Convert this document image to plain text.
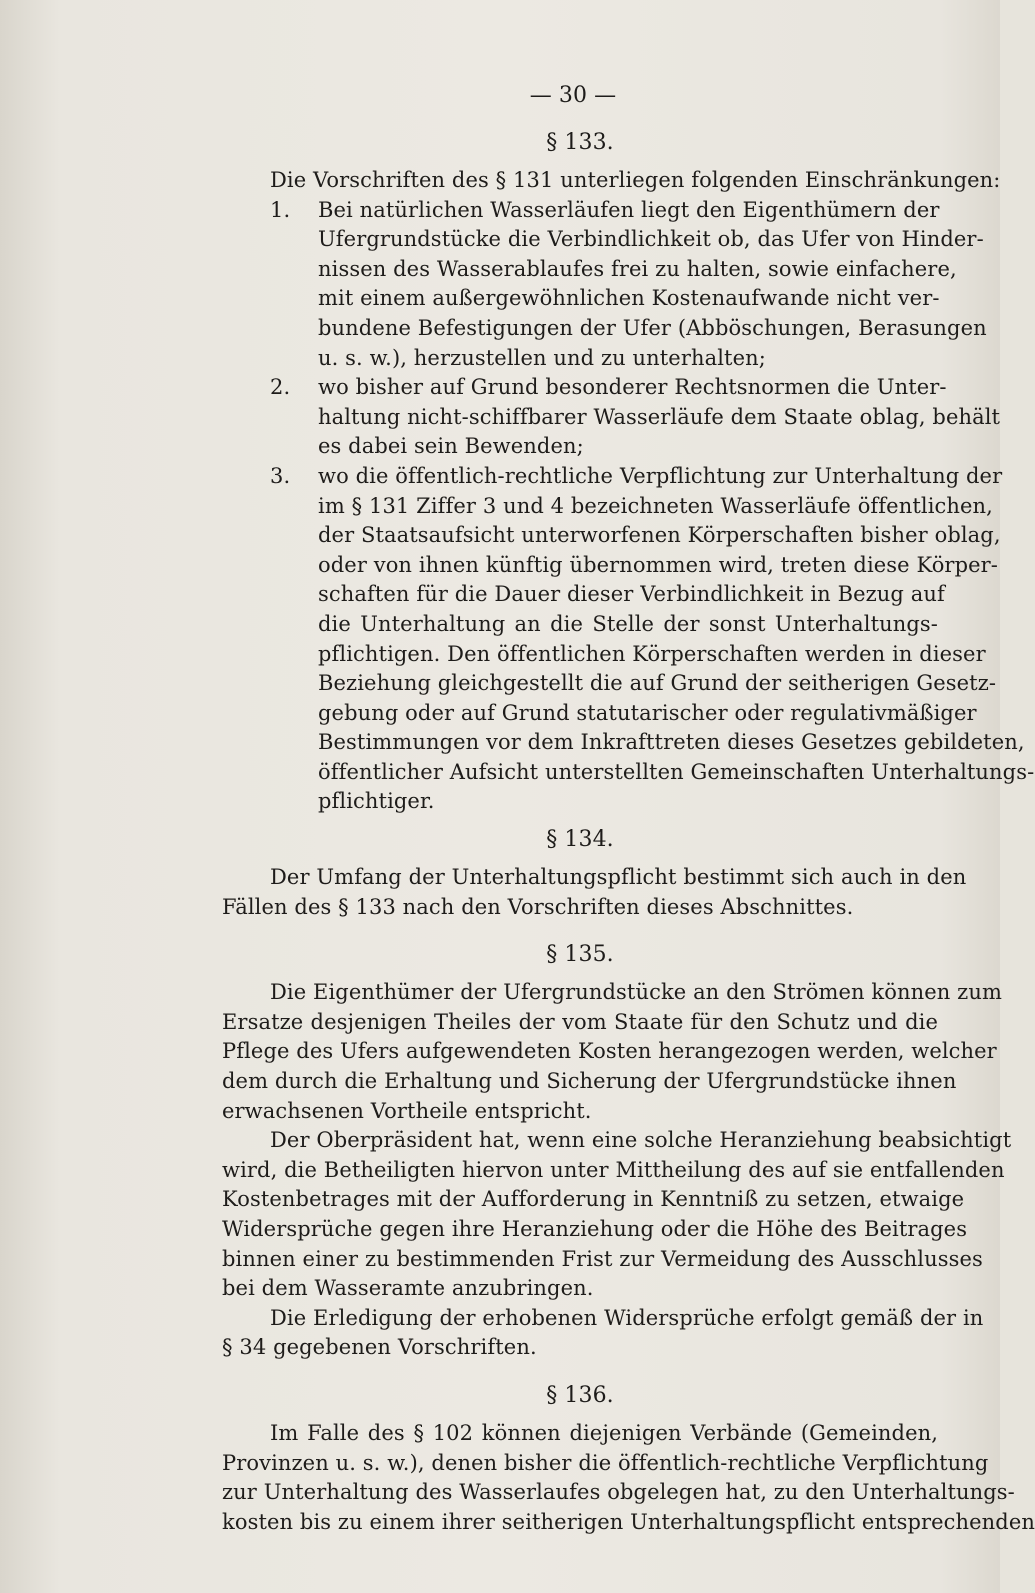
— 30 —
§ 133.
Die Vorschriften des § 131 unterliegen folgenden Einschränkungen:
1.	Bei natürlichen Wasserläufen liegt den Eigenthümern der
Ufergrundstücke die Verbindlichkeit ob, das Ufer von Hinder-
nissen des Wasserablaufes frei zu halten, sowie einfachere,
mit einem außergewöhnlichen Kostenaufwande nicht ver-
bundene Befestigungen der Ufer (Abböschungen, Berasungen
u. s. w.), herzustellen und zu unterhalten;
2.	wo bisher auf Grund besonderer Rechtsnormen die Unter-
haltung nicht-schiffbarer Wasserläufe dem Staate oblag, behält
es dabei sein Bewenden;
3.	wo die öffentlich-rechtliche Verpflichtung zur Unterhaltung der
im § 131 Ziffer 3 und 4 bezeichneten Wasserläufe öffentlichen,
der Staatsaufsicht unterworfenen Körperschaften bisher oblag,
oder von ihnen künftig übernommen wird, treten diese Körper-
schaften für die Dauer dieser Verbindlichkeit in Bezug auf
die Unterhaltung an die Stelle der sonst Unterhaltungs-
pflichtigen. Den öffentlichen Körperschaften werden in dieser
Beziehung gleichgestellt die auf Grund der seitherigen Gesetz-
gebung oder auf Grund statutarischer oder regulativmäßiger
Bestimmungen vor dem Inkrafttreten dieses Gesetzes gebildeten,
öffentlicher Aufsicht unterstellten Gemeinschaften Unterhaltungs-
pflichtiger.
§ 134.
Der Umfang der Unterhaltungspflicht bestimmt sich auch in den
Fällen des § 133 nach den Vorschriften dieses Abschnittes.
§ 135.
Die Eigenthümer der Ufergrundstücke an den Strömen können zum
Ersatze desjenigen Theiles der vom Staate für den Schutz und die
Pflege des Ufers aufgewendeten Kosten herangezogen werden, welcher
dem durch die Erhaltung und Sicherung der Ufergrundstücke ihnen
erwachsenen Vortheile entspricht.
Der Oberpräsident hat, wenn eine solche Heranziehung beabsichtigt
wird, die Betheiligten hiervon unter Mittheilung des auf sie entfallenden
Kostenbetrages mit der Aufforderung in Kenntniß zu setzen, etwaige
Widersprüche gegen ihre Heranziehung oder die Höhe des Beitrages
binnen einer zu bestimmenden Frist zur Vermeidung des Ausschlusses
bei dem Wasseramte anzubringen.
Die Erledigung der erhobenen Widersprüche erfolgt gemäß der in
§ 34 gegebenen Vorschriften.
§ 136.
Im Falle des § 102 können diejenigen Verbände (Gemeinden,
Provinzen u. s. w.), denen bisher die öffentlich-rechtliche Verpflichtung
zur Unterhaltung des Wasserlaufes obgelegen hat, zu den Unterhaltungs-
kosten bis zu einem ihrer seitherigen Unterhaltungspflicht entsprechenden
